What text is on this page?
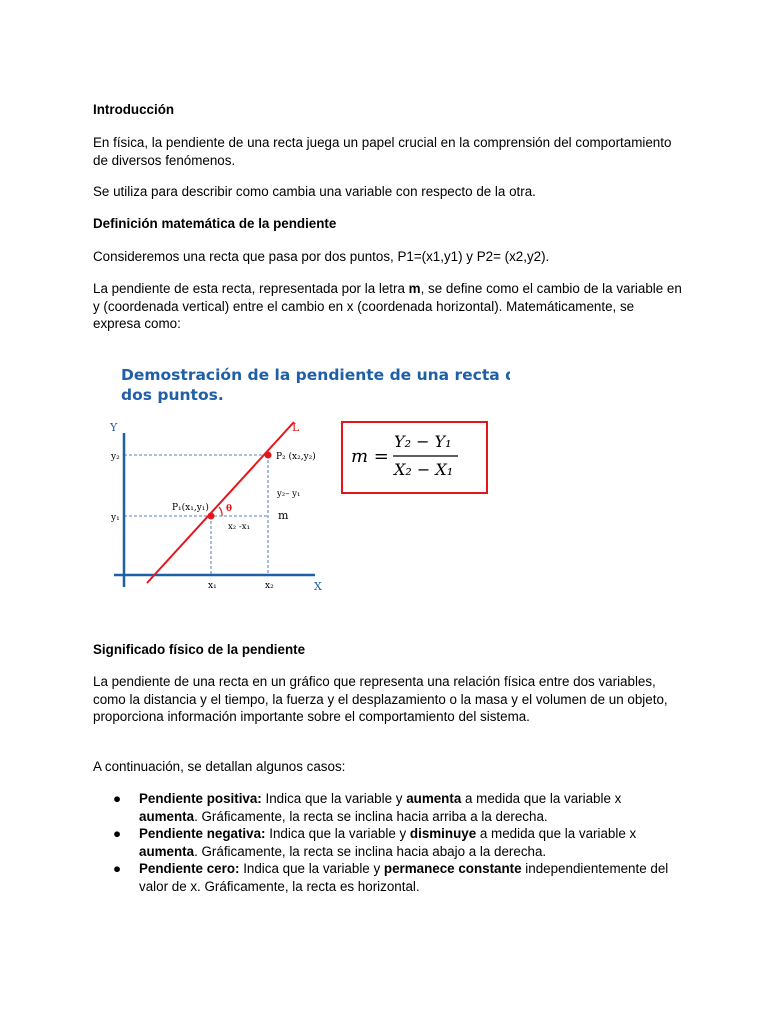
Introducción

En física, la pendiente de una recta juega un papel crucial en la comprensión del comportamiento de diversos fenómenos.

Se utiliza para describir como cambia una variable con respecto de la otra.

Definición matemática de la pendiente

Consideremos una recta que pasa por dos puntos, P1=(x1,y1) y P2= (x2,y2).

La pendiente de esta recta, representada por la letra m, se define como el cambio de la variable en y (coordenada vertical) entre el cambio en x (coordenada horizontal). Matemáticamente, se expresa como:

Significado físico de la pendiente

La pendiente de una recta en un gráfico que representa una relación física entre dos variables, como la distancia y el tiempo, la fuerza y el desplazamiento o la masa y el volumen de un objeto, proporciona información importante sobre el comportamiento del sistema.

A continuación, se detallan algunos casos:

● Pendiente positiva: Indica que la variable y aumenta a medida que la variable x aumenta. Gráficamente, la recta se inclina hacia arriba a la derecha.
● Pendiente negativa: Indica que la variable y disminuye a medida que la variable x aumenta. Gráficamente, la recta se inclina hacia abajo a la derecha.
● Pendiente cero: Indica que la variable y permanece constante independientemente del valor de x. Gráficamente, la recta es horizontal.
Demostración de la pendiente de una recta dado
dos puntos.
Y
X
y₂
y₁
x₁	x₂
L
θ
P₁(x₁,y₁)
P₂ (x₂,y₂)
y₂– y₁
x₂ -x₁
m
m =
Y₂ − Y₁
X₂ − X₁
